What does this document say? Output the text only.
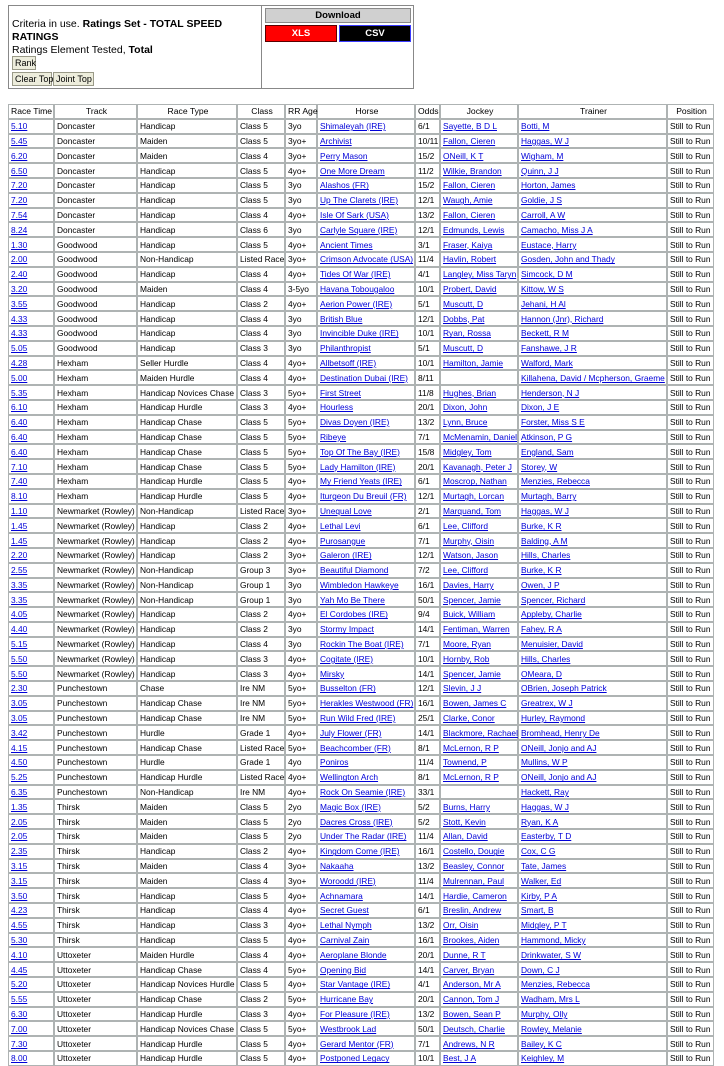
Criteria in use. Ratings Set - TOTAL SPEED RATINGS
Ratings Element Tested, Total
Rank
Clear Top Joint Top
Download
XLS	CSV
Race Time	Track	Race Type	Class	RR Age	Horse	Odds	Jockey	Trainer	Position
5.10	Doncaster	Handicap	Class 5	3yo	Shimaleyah (IRE)	6/1	Sayette, B D L	Botti, M	Still to Run
5.45	Doncaster	Maiden	Class 5	3yo+	Archivist	10/11	Fallon, Cieren	Haggas, W J	Still to Run
6.20	Doncaster	Maiden	Class 4	3yo+	Perry Mason	15/2	ONeill, K T	Wigham, M	Still to Run
6.50	Doncaster	Handicap	Class 5	4yo+	One More Dream	11/2	Wilkie, Brandon	Quinn, J J	Still to Run
7.20	Doncaster	Handicap	Class 5	3yo	Alashos (FR)	15/2	Fallon, Cieren	Horton, James	Still to Run
7.20	Doncaster	Handicap	Class 5	3yo	Up The Clarets (IRE)	12/1	Waugh, Amie	Goldie, J S	Still to Run
7.54	Doncaster	Handicap	Class 4	4yo+	Isle Of Sark (USA)	13/2	Fallon, Cieren	Carroll, A W	Still to Run
8.24	Doncaster	Handicap	Class 6	3yo	Carlyle Square (IRE)	12/1	Edmunds, Lewis	Camacho, Miss J A	Still to Run
1.30	Goodwood	Handicap	Class 5	4yo+	Ancient Times	3/1	Fraser, Kaiya	Eustace, Harry	Still to Run
2.00	Goodwood	Non-Handicap	Listed Race	3yo+	Crimson Advocate (USA)	11/4	Havlin, Robert	Gosden, John and Thady	Still to Run
2.40	Goodwood	Handicap	Class 4	4yo+	Tides Of War (IRE)	4/1	Langley, Miss Taryn	Simcock, D M	Still to Run
3.20	Goodwood	Maiden	Class 4	3-5yo	Havana Tobougaloo	10/1	Probert, David	Kittow, W S	Still to Run
3.55	Goodwood	Handicap	Class 2	4yo+	Aerion Power (IRE)	5/1	Muscutt, D	Jehani, H Al	Still to Run
4.33	Goodwood	Handicap	Class 4	3yo	British Blue	12/1	Dobbs, Pat	Hannon (Jnr), Richard	Still to Run
4.33	Goodwood	Handicap	Class 4	3yo	Invincible Duke (IRE)	10/1	Ryan, Rossa	Beckett, R M	Still to Run
5.05	Goodwood	Handicap	Class 3	3yo	Philanthropist	5/1	Muscutt, D	Fanshawe, J R	Still to Run
4.28	Hexham	Seller Hurdle	Class 4	4yo+	Allbetsoff (IRE)	10/1	Hamilton, Jamie	Walford, Mark	Still to Run
5.00	Hexham	Maiden Hurdle	Class 4	4yo+	Destination Dubai (IRE)	8/11		Killahena, David / Mcpherson, Graeme	Still to Run
5.35	Hexham	Handicap Novices Chase	Class 3	5yo+	First Street	11/8	Hughes, Brian	Henderson, N J	Still to Run
6.10	Hexham	Handicap Hurdle	Class 3	4yo+	Hourless	20/1	Dixon, John	Dixon, J E	Still to Run
6.40	Hexham	Handicap Chase	Class 5	5yo+	Divas Doyen (IRE)	13/2	Lynn, Bruce	Forster, Miss S E	Still to Run
6.40	Hexham	Handicap Chase	Class 5	5yo+	Ribeye	7/1	McMenamin, Daniel	Atkinson, P G	Still to Run
6.40	Hexham	Handicap Chase	Class 5	5yo+	Top Of The Bay (IRE)	15/8	Midgley, Tom	England, Sam	Still to Run
7.10	Hexham	Handicap Chase	Class 5	5yo+	Lady Hamilton (IRE)	20/1	Kavanagh, Peter J	Storey, W	Still to Run
7.40	Hexham	Handicap Hurdle	Class 5	4yo+	My Friend Yeats (IRE)	6/1	Moscrop, Nathan	Menzies, Rebecca	Still to Run
8.10	Hexham	Handicap Hurdle	Class 5	4yo+	Iturgeon Du Breuil (FR)	12/1	Murtagh, Lorcan	Murtagh, Barry	Still to Run
1.10	Newmarket (Rowley)	Non-Handicap	Listed Race	3yo+	Unequal Love	2/1	Marquand, Tom	Haggas, W J	Still to Run
1.45	Newmarket (Rowley)	Handicap	Class 2	4yo+	Lethal Levi	6/1	Lee, Clifford	Burke, K R	Still to Run
1.45	Newmarket (Rowley)	Handicap	Class 2	4yo+	Purosangue	7/1	Murphy, Oisin	Balding, A M	Still to Run
2.20	Newmarket (Rowley)	Handicap	Class 2	3yo+	Galeron (IRE)	12/1	Watson, Jason	Hills, Charles	Still to Run
2.55	Newmarket (Rowley)	Non-Handicap	Group 3	3yo+	Beautiful Diamond	7/2	Lee, Clifford	Burke, K R	Still to Run
3.35	Newmarket (Rowley)	Non-Handicap	Group 1	3yo	Wimbledon Hawkeye	16/1	Davies, Harry	Owen, J P	Still to Run
3.35	Newmarket (Rowley)	Non-Handicap	Group 1	3yo	Yah Mo Be There	50/1	Spencer, Jamie	Spencer, Richard	Still to Run
4.05	Newmarket (Rowley)	Handicap	Class 2	4yo+	El Cordobes (IRE)	9/4	Buick, William	Appleby, Charlie	Still to Run
4.40	Newmarket (Rowley)	Handicap	Class 2	3yo	Stormy Impact	14/1	Fentiman, Warren	Fahey, R A	Still to Run
5.15	Newmarket (Rowley)	Handicap	Class 4	3yo	Rockin The Boat (IRE)	7/1	Moore, Ryan	Menuisier, David	Still to Run
5.50	Newmarket (Rowley)	Handicap	Class 3	4yo+	Cogitate (IRE)	10/1	Hornby, Rob	Hills, Charles	Still to Run
5.50	Newmarket (Rowley)	Handicap	Class 3	4yo+	Mirsky	14/1	Spencer, Jamie	OMeara, D	Still to Run
2.30	Punchestown	Chase	Ire NM	5yo+	Busselton (FR)	12/1	Slevin, J J	OBrien, Joseph Patrick	Still to Run
3.05	Punchestown	Handicap Chase	Ire NM	5yo+	Herakles Westwood (FR)	16/1	Bowen, James C	Greatrex, W J	Still to Run
3.05	Punchestown	Handicap Chase	Ire NM	5yo+	Run Wild Fred (IRE)	25/1	Clarke, Conor	Hurley, Raymond	Still to Run
3.42	Punchestown	Hurdle	Grade 1	4yo+	July Flower (FR)	14/1	Blackmore, Rachael	Bromhead, Henry De	Still to Run
4.15	Punchestown	Handicap Chase	Listed Race	5yo+	Beachcomber (FR)	8/1	McLernon, R P	ONeill, Jonjo and AJ	Still to Run
4.50	Punchestown	Hurdle	Grade 1	4yo	Poniros	11/4	Townend, P	Mullins, W P	Still to Run
5.25	Punchestown	Handicap Hurdle	Listed Race	4yo+	Wellington Arch	8/1	McLernon, R P	ONeill, Jonjo and AJ	Still to Run
6.35	Punchestown	Non-Handicap	Ire NM	4yo+	Rock On Seamie (IRE)	33/1		Hackett, Ray	Still to Run
1.35	Thirsk	Maiden	Class 5	2yo	Magic Box (IRE)	5/2	Burns, Harry	Haggas, W J	Still to Run
2.05	Thirsk	Maiden	Class 5	2yo	Dacres Cross (IRE)	5/2	Stott, Kevin	Ryan, K A	Still to Run
2.05	Thirsk	Maiden	Class 5	2yo	Under The Radar (IRE)	11/4	Allan, David	Easterby, T D	Still to Run
2.35	Thirsk	Handicap	Class 2	4yo+	Kingdom Come (IRE)	16/1	Costello, Dougie	Cox, C G	Still to Run
3.15	Thirsk	Maiden	Class 4	3yo+	Nakaaha	13/2	Beasley, Connor	Tate, James	Still to Run
3.15	Thirsk	Maiden	Class 4	3yo+	Woroodd (IRE)	11/4	Mulrennan, Paul	Walker, Ed	Still to Run
3.50	Thirsk	Handicap	Class 5	4yo+	Achnamara	14/1	Hardie, Cameron	Kirby, P A	Still to Run
4.23	Thirsk	Handicap	Class 4	4yo+	Secret Guest	6/1	Breslin, Andrew	Smart, B	Still to Run
4.55	Thirsk	Handicap	Class 3	4yo+	Lethal Nymph	13/2	Orr, Oisin	Midgley, P T	Still to Run
5.30	Thirsk	Handicap	Class 5	4yo+	Carnival Zain	16/1	Brookes, Aiden	Hammond, Micky	Still to Run
4.10	Uttoxeter	Maiden Hurdle	Class 4	4yo+	Aeroplane Blonde	20/1	Dunne, R T	Drinkwater, S W	Still to Run
4.45	Uttoxeter	Handicap Chase	Class 4	5yo+	Opening Bid	14/1	Carver, Bryan	Down, C J	Still to Run
5.20	Uttoxeter	Handicap Novices Hurdle	Class 5	4yo+	Star Vantage (IRE)	4/1	Anderson, Mr A	Menzies, Rebecca	Still to Run
5.55	Uttoxeter	Handicap Chase	Class 2	5yo+	Hurricane Bay	20/1	Cannon, Tom J	Wadham, Mrs L	Still to Run
6.30	Uttoxeter	Handicap Hurdle	Class 3	4yo+	For Pleasure (IRE)	13/2	Bowen, Sean P	Murphy, Olly	Still to Run
7.00	Uttoxeter	Handicap Novices Chase	Class 5	5yo+	Westbrook Lad	50/1	Deutsch, Charlie	Rowley, Melanie	Still to Run
7.30	Uttoxeter	Handicap Hurdle	Class 5	4yo+	Gerard Mentor (FR)	7/1	Andrews, N R	Bailey, K C	Still to Run
8.00	Uttoxeter	Handicap Hurdle	Class 5	4yo+	Postponed Legacy	10/1	Best, J A	Keighley, M	Still to Run
